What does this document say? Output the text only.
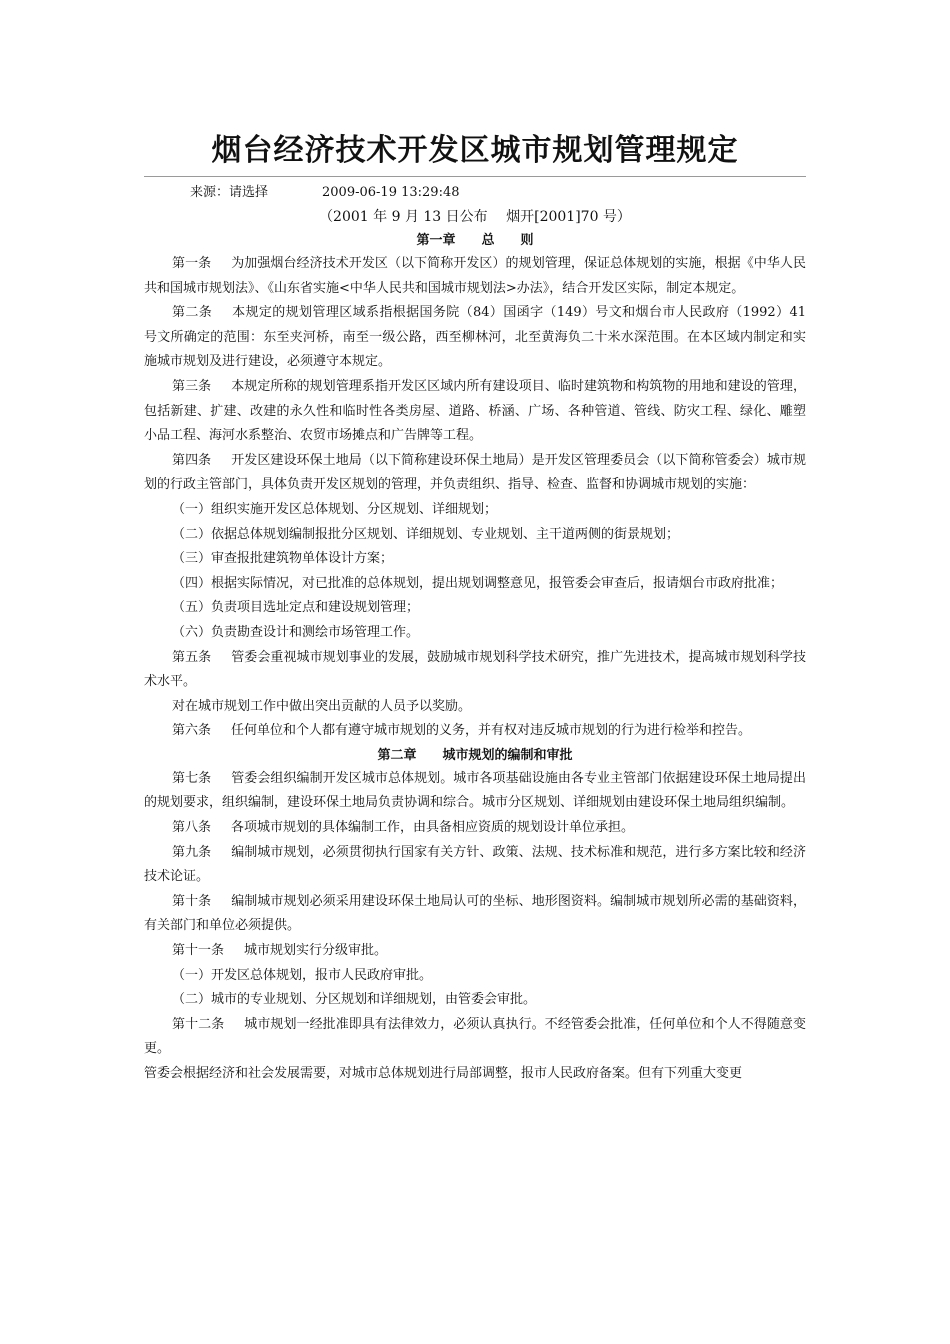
烟台经济技术开发区城市规划管理规定
来源：请选择	2009-06-19 13:29:48

（2001 年 9 月 13 日公布　 烟开[2001]70 号）

第一章　　总　　则

第一条 为加强烟台经济技术开发区（以下简称开发区）的规划管理，保证总体规划的实施，根据《中华人民共和国城市规划法》、《山东省实施<中华人民共和国城市规划法>办法》，结合开发区实际，制定本规定。

第二条 本规定的规划管理区域系指根据国务院（84）国函字（149）号文和烟台市人民政府（1992）41 号文所确定的范围：东至夹河桥，南至一级公路，西至柳林河，北至黄海负二十米水深范围。在本区域内制定和实施城市规划及进行建设，必须遵守本规定。

第三条 本规定所称的规划管理系指开发区区域内所有建设项目、临时建筑物和构筑物的用地和建设的管理，包括新建、扩建、改建的永久性和临时性各类房屋、道路、桥涵、广场、各种管道、管线、防灾工程、绿化、雕塑小品工程、海河水系整治、农贸市场摊点和广告牌等工程。

第四条 开发区建设环保土地局（以下简称建设环保土地局）是开发区管理委员会（以下简称管委会）城市规划的行政主管部门，具体负责开发区规划的管理，并负责组织、指导、检查、监督和协调城市规划的实施：

（一）组织实施开发区总体规划、分区规划、详细规划；

（二）依据总体规划编制报批分区规划、详细规划、专业规划、主干道两侧的街景规划；

（三）审查报批建筑物单体设计方案；

（四）根据实际情况，对已批准的总体规划，提出规划调整意见，报管委会审查后，报请烟台市政府批准；

（五）负责项目选址定点和建设规划管理；

（六）负责勘查设计和测绘市场管理工作。

第五条 管委会重视城市规划事业的发展，鼓励城市规划科学技术研究，推广先进技术，提高城市规划科学技术水平。

对在城市规划工作中做出突出贡献的人员予以奖励。

第六条 任何单位和个人都有遵守城市规划的义务，并有权对违反城市规划的行为进行检举和控告。

第二章　　城市规划的编制和审批

第七条 管委会组织编制开发区城市总体规划。城市各项基础设施由各专业主管部门依据建设环保土地局提出的规划要求，组织编制，建设环保土地局负责协调和综合。城市分区规划、详细规划由建设环保土地局组织编制。

第八条 各项城市规划的具体编制工作，由具备相应资质的规划设计单位承担。

第九条 编制城市规划，必须贯彻执行国家有关方针、政策、法规、技术标准和规范，进行多方案比较和经济技术论证。

第十条 编制城市规划必须采用建设环保土地局认可的坐标、地形图资料。编制城市规划所必需的基础资料，有关部门和单位必须提供。

第十一条 城市规划实行分级审批。

（一）开发区总体规划，报市人民政府审批。

（二）城市的专业规划、分区规划和详细规划，由管委会审批。

第十二条 城市规划一经批准即具有法律效力，必须认真执行。不经管委会批准，任何单位和个人不得随意变更。

管委会根据经济和社会发展需要，对城市总体规划进行局部调整，报市人民政府备案。但有下列重大变更
